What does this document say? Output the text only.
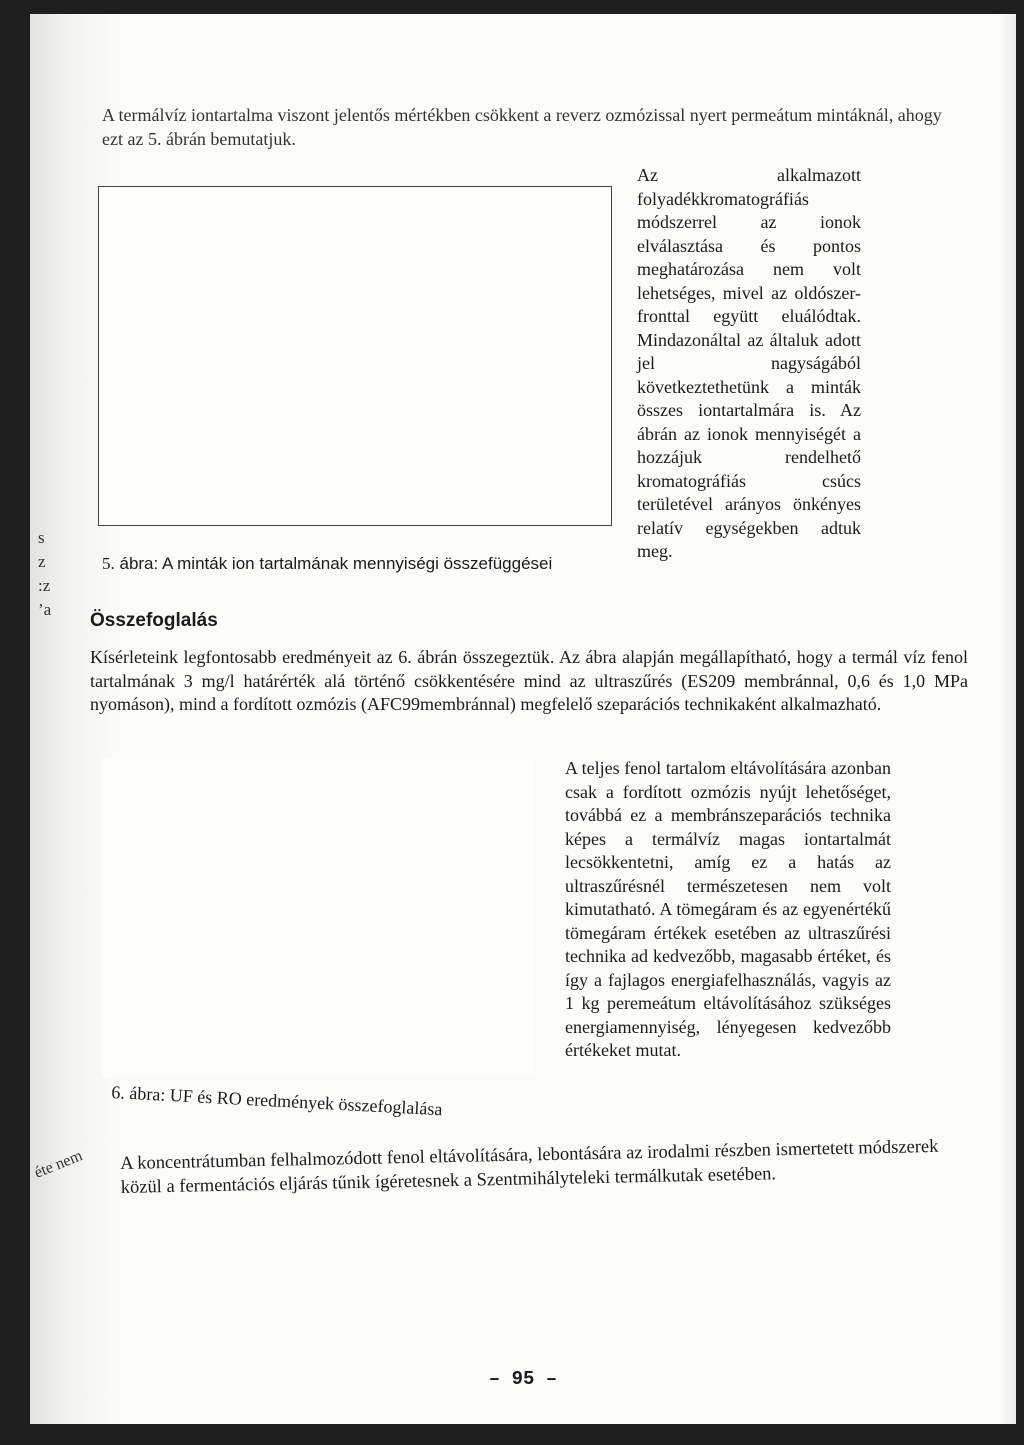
s
z
:z
’a
éte nem

A termálvíz iontartalma viszont jelentős mértékben csökkent a reverz ozmózissal nyert permeátum mintáknál, ahogy ezt az 5. ábrán bemutatjuk.

Az alkalmazott folyadékkromatográfiás módszerrel az ionok elválasztása és pontos meghatározása nem volt lehetséges, mivel az oldószer-fronttal együtt eluálódtak. Mindazonáltal az általuk adott jel nagyságából következtethetünk a minták összes iontartalmára is. Az ábrán az ionok mennyiségét a hozzájuk rendelhető kromatográfiás csúcs területével arányos önkényes relatív egységekben adtuk meg.

5. ábra: A minták ion tartalmának mennyiségi összefüggései

Összefoglalás

Kísérleteink legfontosabb eredményeit az 6. ábrán összegeztük. Az ábra alapján megállapítható, hogy a termál víz fenol tartalmának 3 mg/l határérték alá történő csökkentésére mind az ultraszűrés (ES209 membránnal, 0,6 és 1,0 MPa nyomáson), mind a fordított ozmózis (AFC99membránnal) megfelelő szeparációs technikaként alkalmazható.

A teljes fenol tartalom eltávolítására azonban csak a fordított ozmózis nyújt lehetőséget, továbbá ez a membránszeparációs technika képes a termálvíz magas iontartalmát lecsökkentetni, amíg ez a hatás az ultraszűrésnél természetesen nem volt kimutatható. A tömegáram és az egyenértékű tömegáram értékek esetében az ultraszűrési technika ad kedvezőbb, magasabb értéket, és így a fajlagos energiafelhasználás, vagyis az 1 kg peremeátum eltávolításához szükséges energiamennyiség, lényegesen kedvezőbb értékeket mutat.

6. ábra: UF és RO eredmények összefoglalása

A koncentrátumban felhalmozódott fenol eltávolítására, lebontására az irodalmi részben ismertetett módszerek közül a fermentációs eljárás tűnik ígéretesnek a Szentmihályteleki termálkutak esetében.

– 95 –
